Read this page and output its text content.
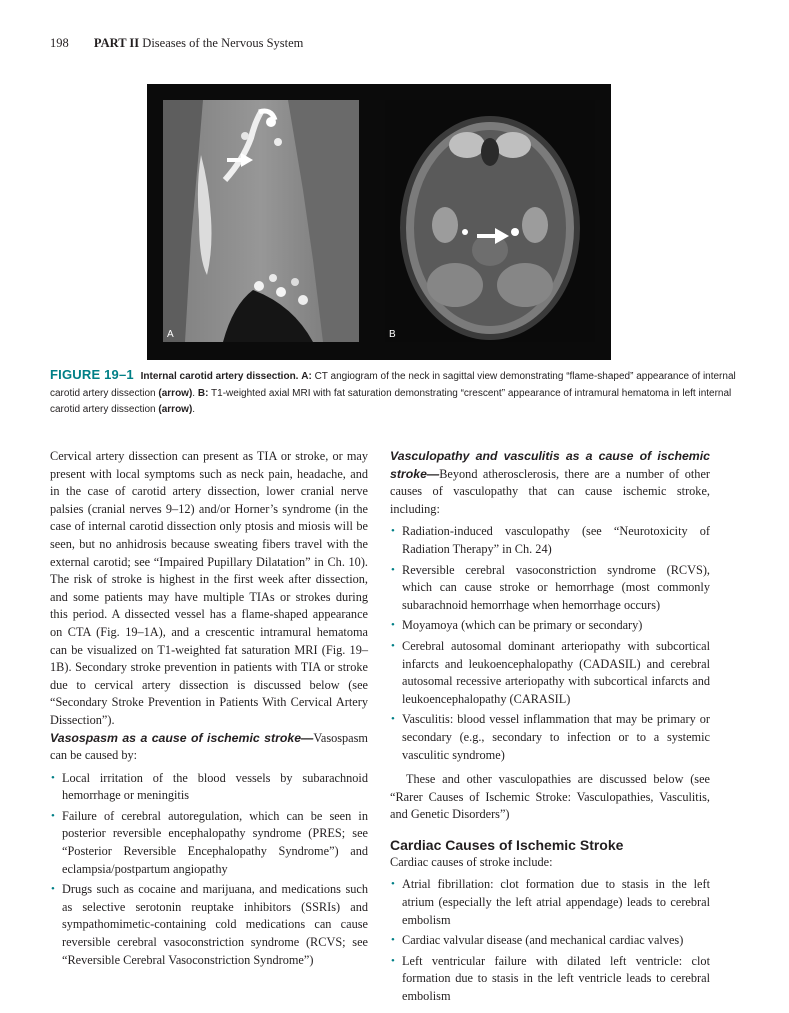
198 PART II Diseases of the Nervous System
A	B
FIGURE 19–1 Internal carotid artery dissection. A: CT angiogram of the neck in sagittal view demonstrating “flame-shaped” appearance of internal carotid artery dissection (arrow). B: T1-weighted axial MRI with fat saturation demonstrating “crescent” appearance of intramural hematoma in left internal carotid artery dissection (arrow).

Cervical artery dissection can present as TIA or stroke, or may present with local symptoms such as neck pain, headache, and in the case of carotid artery dissection, lower cranial nerve palsies (cranial nerves 9–12) and/or Horner’s syndrome (in the case of internal carotid dissection only ptosis and miosis will be seen, but no anhidrosis because sweating fibers travel with the external carotid; see “Impaired Pupillary Dilatation” in Ch. 10). The risk of stroke is highest in the first week after dissection, and some patients may have multiple TIAs or strokes during this period. A dissected vessel has a flame-shaped appearance on CTA (Fig. 19–1A), and a crescentic intramural hematoma can be visualized on T1-weighted fat saturation MRI (Fig. 19–1B). Secondary stroke prevention in patients with TIA or stroke due to cervical artery dissection is discussed below (see “Secondary Stroke Prevention in Patients With Cervical Artery Dissection”).

Vasospasm as a cause of ischemic stroke—Vasospasm can be caused by:

• Local irritation of the blood vessels by subarachnoid hemorrhage or meningitis
• Failure of cerebral autoregulation, which can be seen in posterior reversible encephalopathy syndrome (PRES; see “Posterior Reversible Encephalopathy Syndrome”) and eclampsia/postpartum angiopathy
• Drugs such as cocaine and marijuana, and medications such as selective serotonin reuptake inhibitors (SSRIs) and sympathomimetic-containing cold medications can cause reversible cerebral vasoconstriction syndrome (RCVS; see “Reversible Cerebral Vasoconstriction Syndrome”)

Vasculopathy and vasculitis as a cause of ischemic stroke—Beyond atherosclerosis, there are a number of other causes of vasculopathy that can cause ischemic stroke, including:

• Radiation-induced vasculopathy (see “Neurotoxicity of Radiation Therapy” in Ch. 24)
• Reversible cerebral vasoconstriction syndrome (RCVS), which can cause stroke or hemorrhage (most commonly subarachnoid hemorrhage when hemorrhage occurs)
• Moyamoya (which can be primary or secondary)
• Cerebral autosomal dominant arteriopathy with subcortical infarcts and leukoencephalopathy (CADASIL) and cerebral autosomal recessive arteriopathy with subcortical infarcts and leukoencephalopathy (CARASIL)
• Vasculitis: blood vessel inflammation that may be primary or secondary (e.g., secondary to infection or to a systemic vasculitic syndrome)

These and other vasculopathies are discussed below (see “Rarer Causes of Ischemic Stroke: Vasculopathies, Vasculitis, and Genetic Disorders”)

Cardiac Causes of Ischemic Stroke

Cardiac causes of stroke include:

• Atrial fibrillation: clot formation due to stasis in the left atrium (especially the left atrial appendage) leads to cerebral embolism
• Cardiac valvular disease (and mechanical cardiac valves)
• Left ventricular failure with dilated left ventricle: clot formation due to stasis in the left ventricle leads to cerebral embolism
